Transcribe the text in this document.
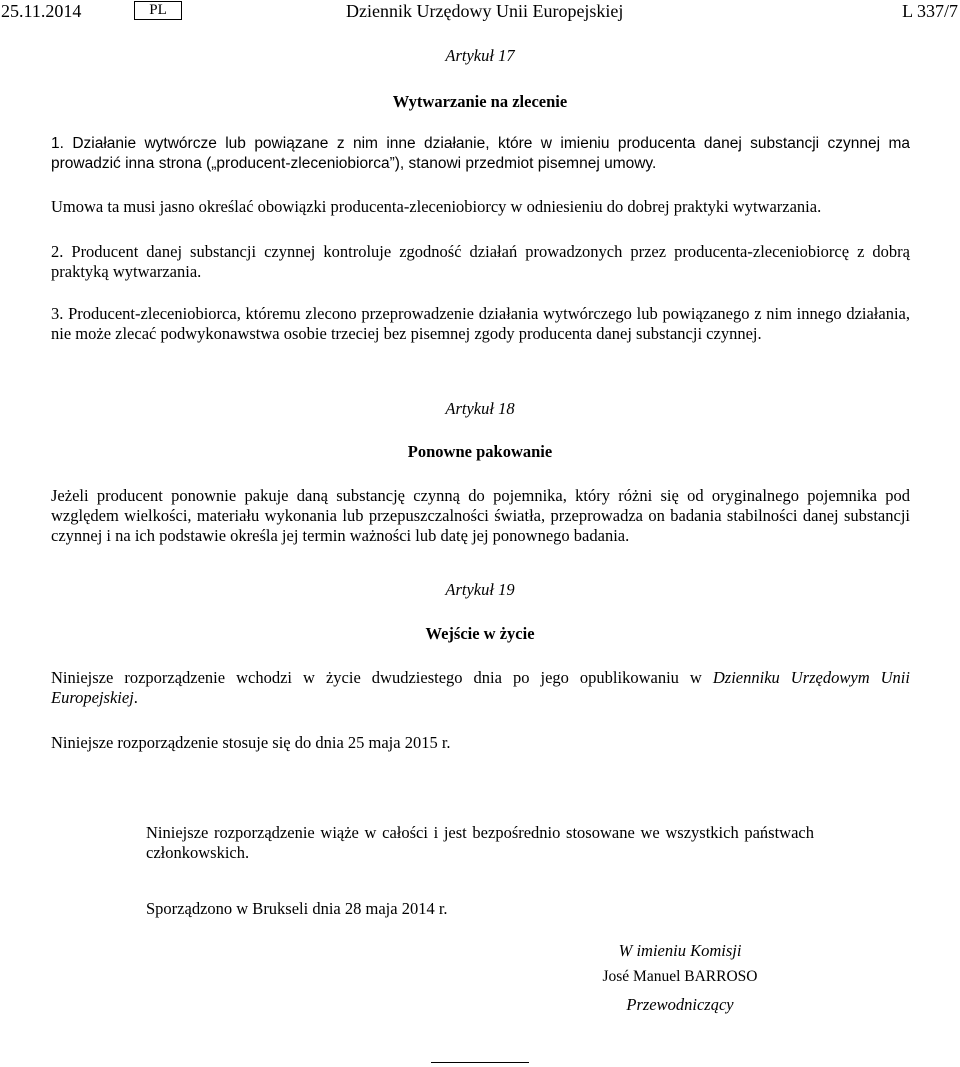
25.11.2014	PL	Dziennik Urzędowy Unii Europejskiej	L 337/7
Artykuł 17
Wytwarzanie na zlecenie
1. Działanie wytwórcze lub powiązane z nim inne działanie, które w imieniu producenta danej substancji czynnej ma prowadzić inna strona („producent-zleceniobiorca”), stanowi przedmiot pisemnej umowy.
Umowa ta musi jasno określać obowiązki producenta-zleceniobiorcy w odniesieniu do dobrej praktyki wytwarzania.
2. Producent danej substancji czynnej kontroluje zgodność działań prowadzonych przez producenta-zleceniobiorcę z dobrą praktyką wytwarzania.
3. Producent-zleceniobiorca, któremu zlecono przeprowadzenie działania wytwórczego lub powiązanego z nim innego działania, nie może zlecać podwykonawstwa osobie trzeciej bez pisemnej zgody producenta danej substancji czynnej.
Artykuł 18
Ponowne pakowanie
Jeżeli producent ponownie pakuje daną substancję czynną do pojemnika, który różni się od oryginalnego pojemnika pod względem wielkości, materiału wykonania lub przepuszczalności światła, przeprowadza on badania stabilności danej substancji czynnej i na ich podstawie określa jej termin ważności lub datę jej ponownego badania.
Artykuł 19
Wejście w życie
Niniejsze rozporządzenie wchodzi w życie dwudziestego dnia po jego opublikowaniu w Dzienniku Urzędowym Unii Europejskiej.
Niniejsze rozporządzenie stosuje się do dnia 25 maja 2015 r.
Niniejsze rozporządzenie wiąże w całości i jest bezpośrednio stosowane we wszystkich państwach członkowskich.
Sporządzono w Brukseli dnia 28 maja 2014 r.
W imieniu Komisji
José Manuel BARROSO
Przewodniczący
